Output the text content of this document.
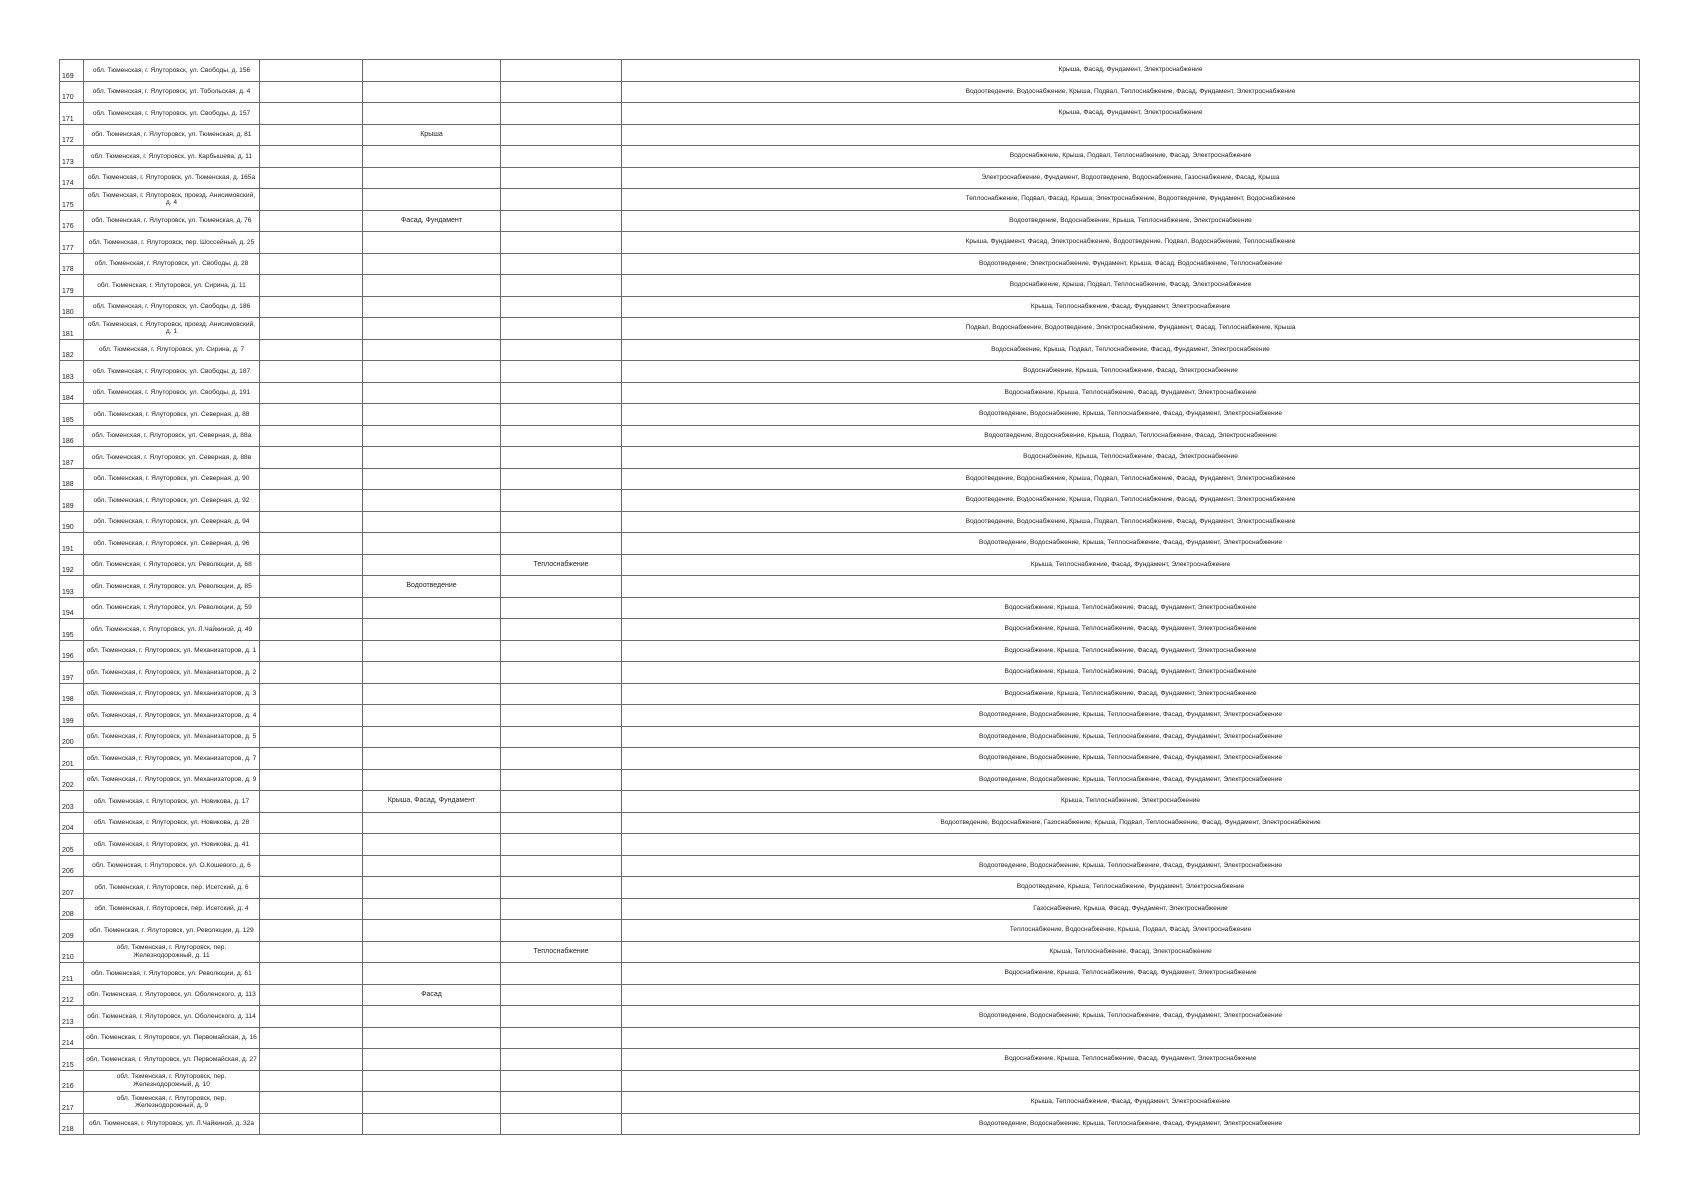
169	обл. Тюменская, г. Ялуторовск, ул. Свободы, д. 156				Крыша, Фасад, Фундамент, Электроснабжение
170	обл. Тюменская, г. Ялуторовск, ул. Тобольская, д. 4				Водоотведение, Водоснабжение, Крыша, Подвал, Теплоснабжение, Фасад, Фундамент, Электроснабжение
171	обл. Тюменская, г. Ялуторовск, ул. Свободы, д. 157				Крыша, Фасад, Фундамент, Электроснабжение
172	обл. Тюменская, г. Ялуторовск, ул. Тюменская, д. 81		Крыша		
173	обл. Тюменская, г. Ялуторовск, ул. Карбышева, д. 11				Водоснабжение, Крыша, Подвал, Теплоснабжение, Фасад, Электроснабжение
174	обл. Тюменская, г. Ялуторовск, ул. Тюменская, д. 165а				Электроснабжение, Фундамент, Водоотведение, Водоснабжение, Газоснабжение, Фасад, Крыша
175	обл. Тюменская, г. Ялуторовск, проезд. Анисимовский, д. 4				Теплоснабжение, Подвал, Фасад, Крыша, Электроснабжение, Водоотведение, Фундамент, Водоснабжение
176	обл. Тюменская, г. Ялуторовск, ул. Тюменская, д. 76		Фасад, Фундамент		Водоотведение, Водоснабжение, Крыша, Теплоснабжение, Электроснабжение
177	обл. Тюменская, г. Ялуторовск, пер. Шоссейный, д. 25				Крыша, Фундамент, Фасад, Электроснабжение, Водоотведение, Подвал, Водоснабжение, Теплоснабжение
178	обл. Тюменская, г. Ялуторовск, ул. Свободы, д. 28				Водоотведение, Электроснабжение, Фундамент, Крыша, Фасад, Водоснабжение, Теплоснабжение
179	обл. Тюменская, г. Ялуторовск, ул. Сирина, д. 11				Водоснабжение, Крыша, Подвал, Теплоснабжение, Фасад, Электроснабжение
180	обл. Тюменская, г. Ялуторовск, ул. Свободы, д. 186				Крыша, Теплоснабжение, Фасад, Фундамент, Электроснабжение
181	обл. Тюменская, г. Ялуторовск, проезд. Анисимовский, д. 1				Подвал, Водоснабжение, Водоотведение, Электроснабжение, Фундамент, Фасад, Теплоснабжение, Крыша
182	обл. Тюменская, г. Ялуторовск, ул. Сирина, д. 7				Водоснабжение, Крыша, Подвал, Теплоснабжение, Фасад, Фундамент, Электроснабжение
183	обл. Тюменская, г. Ялуторовск, ул. Свободы, д. 187				Водоснабжение, Крыша, Теплоснабжение, Фасад, Электроснабжение
184	обл. Тюменская, г. Ялуторовск, ул. Свободы, д. 191				Водоснабжение, Крыша, Теплоснабжение, Фасад, Фундамент, Электроснабжение
185	обл. Тюменская, г. Ялуторовск, ул. Северная, д. 88				Водоотведение, Водоснабжение, Крыша, Теплоснабжение, Фасад, Фундамент, Электроснабжение
186	обл. Тюменская, г. Ялуторовск, ул. Северная, д. 88а				Водоотведение, Водоснабжение, Крыша, Подвал, Теплоснабжение, Фасад, Электроснабжение
187	обл. Тюменская, г. Ялуторовск, ул. Северная, д. 88в				Водоснабжение, Крыша, Теплоснабжение, Фасад, Электроснабжение
188	обл. Тюменская, г. Ялуторовск, ул. Северная, д. 90				Водоотведение, Водоснабжение, Крыша, Подвал, Теплоснабжение, Фасад, Фундамент, Электроснабжение
189	обл. Тюменская, г. Ялуторовск, ул. Северная, д. 92				Водоотведение, Водоснабжение, Крыша, Подвал, Теплоснабжение, Фасад, Фундамент, Электроснабжение
190	обл. Тюменская, г. Ялуторовск, ул. Северная, д. 94				Водоотведение, Водоснабжение, Крыша, Подвал, Теплоснабжение, Фасад, Фундамент, Электроснабжение
191	обл. Тюменская, г. Ялуторовск, ул. Северная, д. 96				Водоотведение, Водоснабжение, Крыша, Теплоснабжение, Фасад, Фундамент, Электроснабжение
192	обл. Тюменская, г. Ялуторовск, ул. Революции, д. 68			Теплоснабжение	Крыша, Теплоснабжение, Фасад, Фундамент, Электроснабжение
193	обл. Тюменская, г. Ялуторовск, ул. Революции, д. 85		Водоотведение		
194	обл. Тюменская, г. Ялуторовск, ул. Революции, д. 59				Водоснабжение, Крыша, Теплоснабжение, Фасад, Фундамент, Электроснабжение
195	обл. Тюменская, г. Ялуторовск, ул. Л.Чайкиной, д. 49				Водоснабжение, Крыша, Теплоснабжение, Фасад, Фундамент, Электроснабжение
196	обл. Тюменская, г. Ялуторовск, ул. Механизаторов, д. 1				Водоснабжение, Крыша, Теплоснабжение, Фасад, Фундамент, Электроснабжение
197	обл. Тюменская, г. Ялуторовск, ул. Механизаторов, д. 2				Водоснабжение, Крыша, Теплоснабжение, Фасад, Фундамент, Электроснабжение
198	обл. Тюменская, г. Ялуторовск, ул. Механизаторов, д. 3				Водоснабжение, Крыша, Теплоснабжение, Фасад, Фундамент, Электроснабжение
199	обл. Тюменская, г. Ялуторовск, ул. Механизаторов, д. 4				Водоотведение, Водоснабжение, Крыша, Теплоснабжение, Фасад, Фундамент, Электроснабжение
200	обл. Тюменская, г. Ялуторовск, ул. Механизаторов, д. 5				Водоотведение, Водоснабжение, Крыша, Теплоснабжение, Фасад, Фундамент, Электроснабжение
201	обл. Тюменская, г. Ялуторовск, ул. Механизаторов, д. 7				Водоотведение, Водоснабжение, Крыша, Теплоснабжение, Фасад, Фундамент, Электроснабжение
202	обл. Тюменская, г. Ялуторовск, ул. Механизаторов, д. 9				Водоотведение, Водоснабжение, Крыша, Теплоснабжение, Фасад, Фундамент, Электроснабжение
203	обл. Тюменская, г. Ялуторовск, ул. Новикова, д. 17		Крыша, Фасад, Фундамент		Крыша, Теплоснабжение, Электроснабжение
204	обл. Тюменская, г. Ялуторовск, ул. Новикова, д. 28				Водоотведение, Водоснабжение, Газоснабжение, Крыша, Подвал, Теплоснабжение, Фасад, Фундамент, Электроснабжение
205	обл. Тюменская, г. Ялуторовск, ул. Новикова, д. 41				
206	обл. Тюменская, г. Ялуторовск, ул. О.Кошевого, д. 6				Водоотведение, Водоснабжение, Крыша, Теплоснабжение, Фасад, Фундамент, Электроснабжение
207	обл. Тюменская, г. Ялуторовск, пер. Исетский, д. 6				Водоотведение, Крыша, Теплоснабжение, Фундамент, Электроснабжение
208	обл. Тюменская, г. Ялуторовск, пер. Исетский, д. 4				Газоснабжение, Крыша, Фасад, Фундамент, Электроснабжение
209	обл. Тюменская, г. Ялуторовск, ул. Революции, д. 129				Теплоснабжение, Водоснабжение, Крыша, Подвал, Фасад, Электроснабжение
210	обл. Тюменская, г. Ялуторовск, пер. Железнодорожный, д. 11			Теплоснабжение	Крыша, Теплоснабжение, Фасад, Электроснабжение
211	обл. Тюменская, г. Ялуторовск, ул. Революции, д. 61				Водоснабжение, Крыша, Теплоснабжение, Фасад, Фундамент, Электроснабжение
212	обл. Тюменская, г. Ялуторовск, ул. Оболенского, д. 113		Фасад		
213	обл. Тюменская, г. Ялуторовск, ул. Оболенского, д. 114				Водоотведение, Водоснабжение, Крыша, Теплоснабжение, Фасад, Фундамент, Электроснабжение
214	обл. Тюменская, г. Ялуторовск, ул. Первомайская, д. 16				
215	обл. Тюменская, г. Ялуторовск, ул. Первомайская, д. 27				Водоснабжение, Крыша, Теплоснабжение, Фасад, Фундамент, Электроснабжение
216	обл. Тюменская, г. Ялуторовск, пер. Железнодорожный, д. 10				
217	обл. Тюменская, г. Ялуторовск, пер. Железнодорожный, д. 9				Крыша, Теплоснабжение, Фасад, Фундамент, Электроснабжение
218	обл. Тюменская, г. Ялуторовск, ул. Л.Чайкиной, д. 32а				Водоотведение, Водоснабжение, Крыша, Теплоснабжение, Фасад, Фундамент, Электроснабжение
